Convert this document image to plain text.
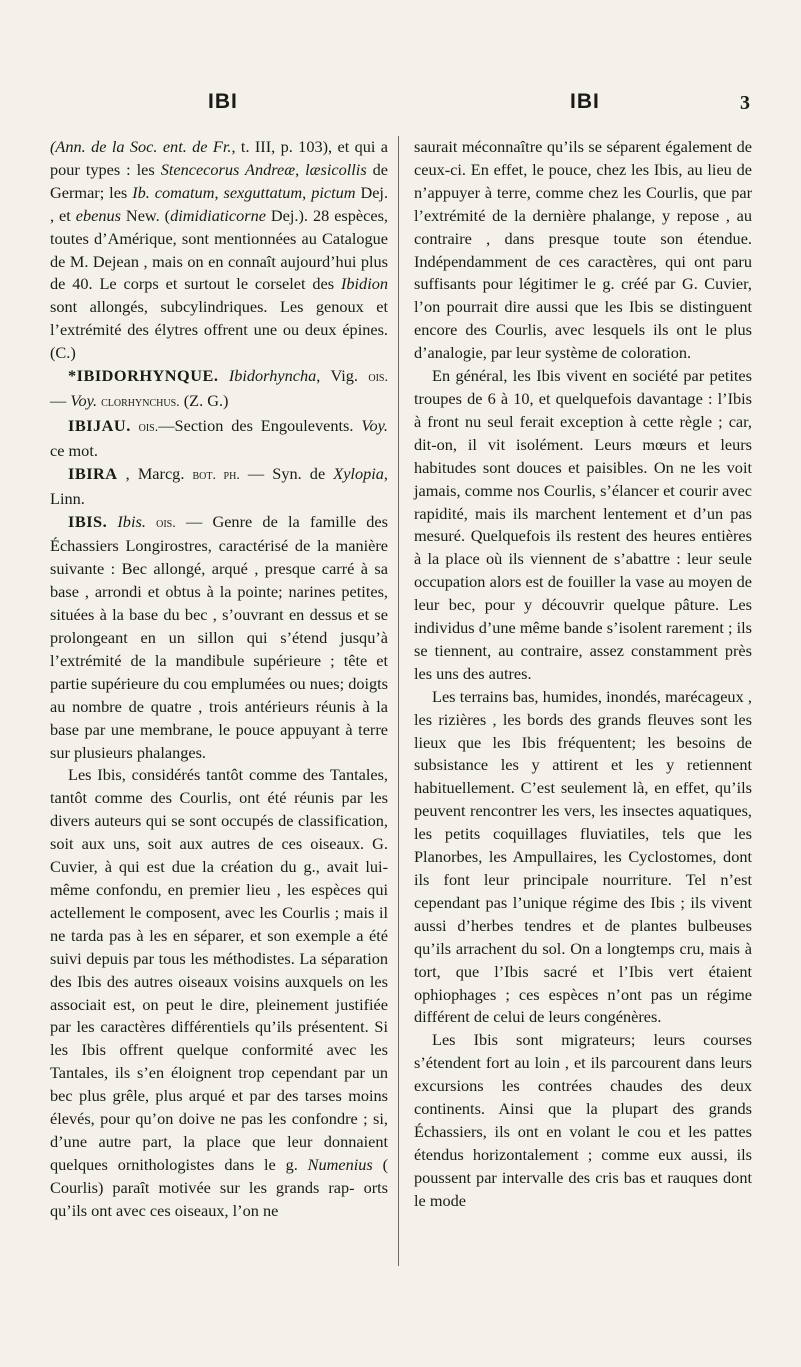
IBI	IBI	3

(Ann. de la Soc. ent. de Fr., t. III, p. 103), et qui a pour types : les Stencecorus Andreæ, læsicollis de Germar; les Ib. comatum, sexguttatum, pictum Dej. , et ebenus New. (dimidiaticorne Dej.). 28 espèces, toutes d’Amérique, sont mentionnées au Catalogue de M. Dejean , mais on en connaît aujourd’hui plus de 40. Le corps et surtout le corselet des Ibidion sont allongés, subcylindriques. Les genoux et l’extrémité des élytres offrent une ou deux épines. (C.)

*IBIDORHYNQUE. Ibidorhyncha, Vig. ois. — Voy. clorhynchus. (Z. G.)

IBIJAU. ois.—Section des Engoulevents. Voy. ce mot.

IBIRA , Marcg. bot. ph. — Syn. de Xylopia, Linn.

IBIS. Ibis. ois. — Genre de la famille des Échassiers Longirostres, caractérisé de la manière suivante : Bec allongé, arqué , presque carré à sa base , arrondi et obtus à la pointe; narines petites, situées à la base du bec , s’ouvrant en dessus et se prolongeant en un sillon qui s’étend jusqu’à l’extrémité de la mandibule supérieure ; tête et partie supérieure du cou emplumées ou nues; doigts au nombre de quatre , trois antérieurs réunis à la base par une membrane, le pouce appuyant à terre sur plusieurs phalanges.

Les Ibis, considérés tantôt comme des Tantales, tantôt comme des Courlis, ont été réunis par les divers auteurs qui se sont occupés de classification, soit aux uns, soit aux autres de ces oiseaux. G. Cuvier, à qui est due la création du g., avait lui-même confondu, en premier lieu , les espèces qui actellement le composent, avec les Courlis ; mais il ne tarda pas à les en séparer, et son exemple a été suivi depuis par tous les méthodistes. La séparation des Ibis des autres oiseaux voisins auxquels on les associait est, on peut le dire, pleinement justifiée par les caractères différentiels qu’ils présentent. Si les Ibis offrent quelque conformité avec les Tantales, ils s’en éloignent trop cependant par un bec plus grêle, plus arqué et par des tarses moins élevés, pour qu’on doive ne pas les confondre ; si, d’une autre part, la place que leur donnaient quelques ornithologistes dans le g. Numenius ( Courlis) paraît motivée sur les grands rap- orts qu’ils ont avec ces oiseaux, l’on ne

saurait méconnaître qu’ils se séparent également de ceux-ci. En effet, le pouce, chez les Ibis, au lieu de n’appuyer à terre, comme chez les Courlis, que par l’extrémité de la dernière phalange, y repose , au contraire , dans presque toute son étendue. Indépendamment de ces caractères, qui ont paru suffisants pour légitimer le g. créé par G. Cuvier, l’on pourrait dire aussi que les Ibis se distinguent encore des Courlis, avec lesquels ils ont le plus d’analogie, par leur système de coloration.

En général, les Ibis vivent en société par petites troupes de 6 à 10, et quelquefois davantage : l’Ibis à front nu seul ferait exception à cette règle ; car, dit-on, il vit isolément. Leurs mœurs et leurs habitudes sont douces et paisibles. On ne les voit jamais, comme nos Courlis, s’élancer et courir avec rapidité, mais ils marchent lentement et d’un pas mesuré. Quelquefois ils restent des heures entières à la place où ils viennent de s’abattre : leur seule occupation alors est de fouiller la vase au moyen de leur bec, pour y découvrir quelque pâture. Les individus d’une même bande s’isolent rarement ; ils se tiennent, au contraire, assez constamment près les uns des autres.

Les terrains bas, humides, inondés, marécageux , les rizières , les bords des grands fleuves sont les lieux que les Ibis fréquentent; les besoins de subsistance les y attirent et les y retiennent habituellement. C’est seulement là, en effet, qu’ils peuvent rencontrer les vers, les insectes aquatiques, les petits coquillages fluviatiles, tels que les Planorbes, les Ampullaires, les Cyclostomes, dont ils font leur principale nourriture. Tel n’est cependant pas l’unique régime des Ibis ; ils vivent aussi d’herbes tendres et de plantes bulbeuses qu’ils arrachent du sol. On a longtemps cru, mais à tort, que l’Ibis sacré et l’Ibis vert étaient ophiophages ; ces espèces n’ont pas un régime différent de celui de leurs congénères.

Les Ibis sont migrateurs; leurs courses s’étendent fort au loin , et ils parcourent dans leurs excursions les contrées chaudes des deux continents. Ainsi que la plupart des grands Échassiers, ils ont en volant le cou et les pattes étendus horizontalement ; comme eux aussi, ils poussent par intervalle des cris bas et rauques dont le mode
